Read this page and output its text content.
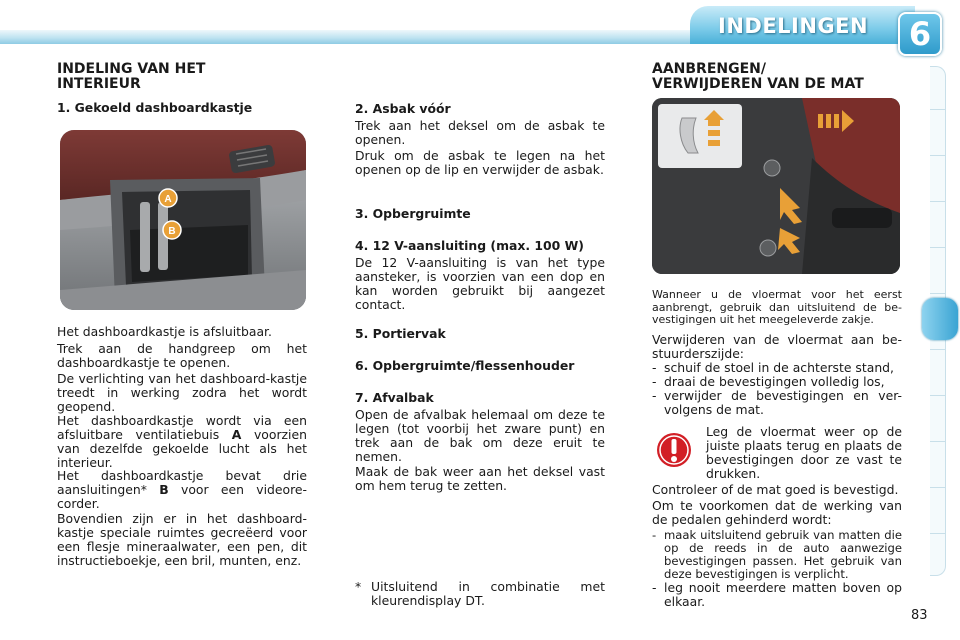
INDELINGEN	6
INDELING VAN HET
INTERIEUR
1. Gekoeld dashboardkastje
A
B
Het dashboardkastje is afsluitbaar.
Trek aan de handgreep om het dashboardkastje te openen.
De verlichting van het dashboard-kastje treedt in werking zodra het wordt geopend.
Het dashboardkastje wordt via een afsluitbare ventilatiebuis A voorzien van dezelfde gekoelde lucht als het interieur.
Het dashboardkastje bevat drie aansluitingen* B voor een videore-corder.
Bovendien zijn er in het dashboard-kastje speciale ruimtes gecreëerd voor een flesje mineraalwater, een pen, dit instructieboekje, een bril, munten, enz.
2. Asbak vóór
Trek aan het deksel om de asbak te openen.
Druk om de asbak te legen na het openen op de lip en verwijder de asbak.
3. Opbergruimte
4. 12 V-aansluiting (max. 100 W)
De 12 V-aansluiting is van het type aansteker, is voorzien van een dop en kan worden gebruikt bij aangezet contact.
5. Portiervak
6. Opbergruimte/flessenhouder
7. Afvalbak
Open de afvalbak helemaal om deze te legen (tot voorbij het zware punt) en trek aan de bak om deze eruit te nemen.
Maak de bak weer aan het deksel vast om hem terug te zetten.
* Uitsluitend in combinatie met kleurendisplay DT.
AANBRENGEN/
VERWIJDEREN VAN DE MAT
Wanneer u de vloermat voor het eerst aanbrengt, gebruik dan uitsluitend de be-vestigingen uit het meegeleverde zakje.
Verwijderen van de vloermat aan be-stuurderszijde:
- schuif de stoel in de achterste stand,
- draai de bevestigingen volledig los,
- verwijder de bevestigingen en ver-volgens de mat.
Leg de vloermat weer op de juiste plaats terug en plaats de bevestigingen door ze vast te drukken.
Controleer of de mat goed is bevestigd.
Om te voorkomen dat de werking van de pedalen gehinderd wordt:
- maak uitsluitend gebruik van matten die op de reeds in de auto aanwezige bevestigingen passen. Het gebruik van deze bevestigingen is verplicht.
- leg nooit meerdere matten boven op elkaar.
83
